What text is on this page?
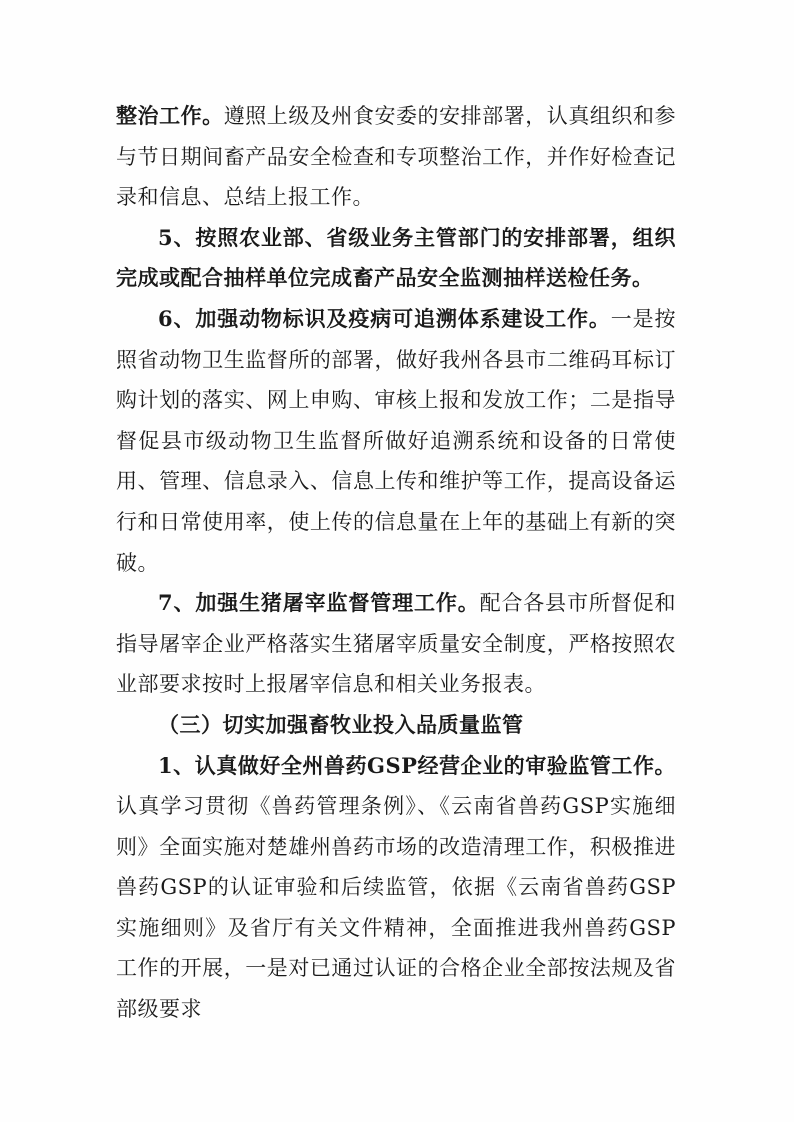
整治工作。遵照上级及州食安委的安排部署，认真组织和参与节日期间畜产品安全检查和专项整治工作，并作好检查记录和信息、总结上报工作。

5、按照农业部、省级业务主管部门的安排部署，组织完成或配合抽样单位完成畜产品安全监测抽样送检任务。

6、加强动物标识及疫病可追溯体系建设工作。一是按照省动物卫生监督所的部署，做好我州各县市二维码耳标订购计划的落实、网上申购、审核上报和发放工作；二是指导督促县市级动物卫生监督所做好追溯系统和设备的日常使用、管理、信息录入、信息上传和维护等工作，提高设备运行和日常使用率，使上传的信息量在上年的基础上有新的突破。

7、加强生猪屠宰监督管理工作。配合各县市所督促和指导屠宰企业严格落实生猪屠宰质量安全制度，严格按照农业部要求按时上报屠宰信息和相关业务报表。

（三）切实加强畜牧业投入品质量监管

1、认真做好全州兽药GSP经营企业的审验监管工作。认真学习贯彻《兽药管理条例》、《云南省兽药GSP实施细则》全面实施对楚雄州兽药市场的改造清理工作，积极推进兽药GSP的认证审验和后续监管，依据《云南省兽药GSP实施细则》及省厅有关文件精神，全面推进我州兽药GSP工作的开展，一是对已通过认证的合格企业全部按法规及省部级要求
